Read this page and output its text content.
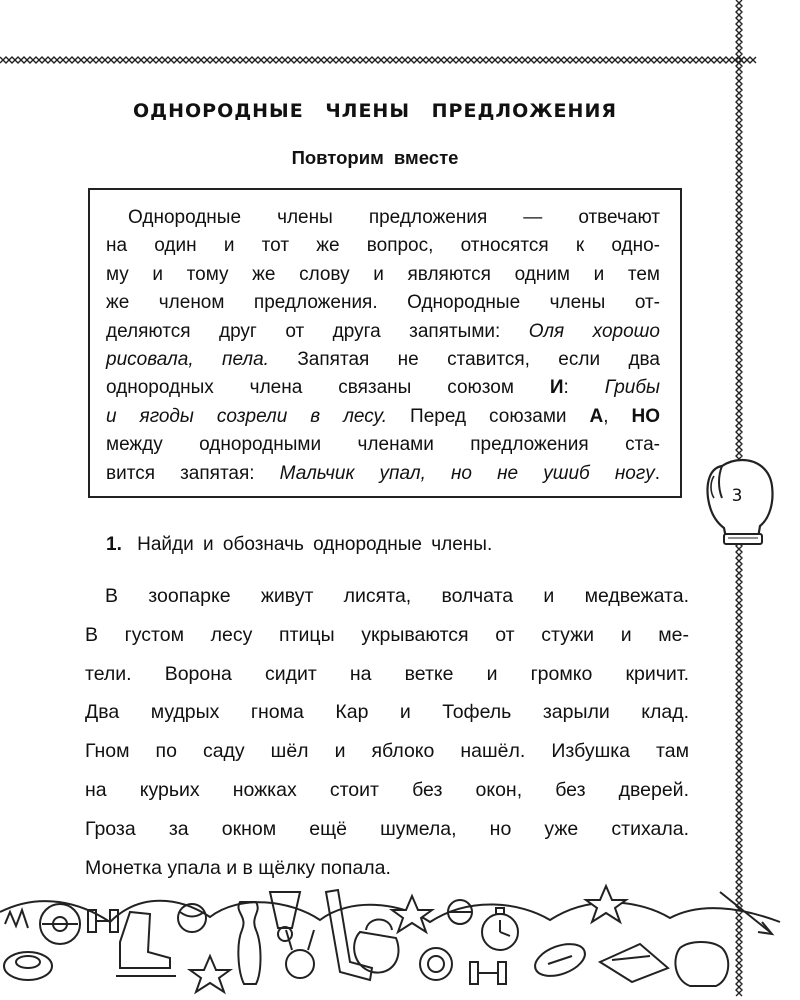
ОДНОРОДНЫЕ ЧЛЕНЫ ПРЕДЛОЖЕНИЯ
Повторим вместе
Однородные члены предложения — отвечают
на один и тот же вопрос, относятся к одно-
му и тому же слову и являются одним и тем
же членом предложения. Однородные члены от-
деляются друг от друга запятыми: Оля хорошо
рисовала, пела. Запятая не ставится, если два
однородных члена связаны союзом И: Грибы
и ягоды созрели в лесу. Перед союзами А, НО
между однородными членами предложения ста-
вится запятая: Мальчик упал, но не ушиб ногу.
1. Найди и обозначь однородные члены.
В зоопарке живут лисята, волчата и медвежата.
В густом лесу птицы укрываются от стужи и ме-
тели. Ворона сидит на ветке и громко кричит.
Два мудрых гнома Кар и Тофель зарыли клад.
Гном по саду шёл и яблоко нашёл. Избушка там
на курьих ножках стоит без окон, без дверей.
Гроза за окном ещё шумела, но уже стихала.
Монетка упала и в щёлку попала.
3
